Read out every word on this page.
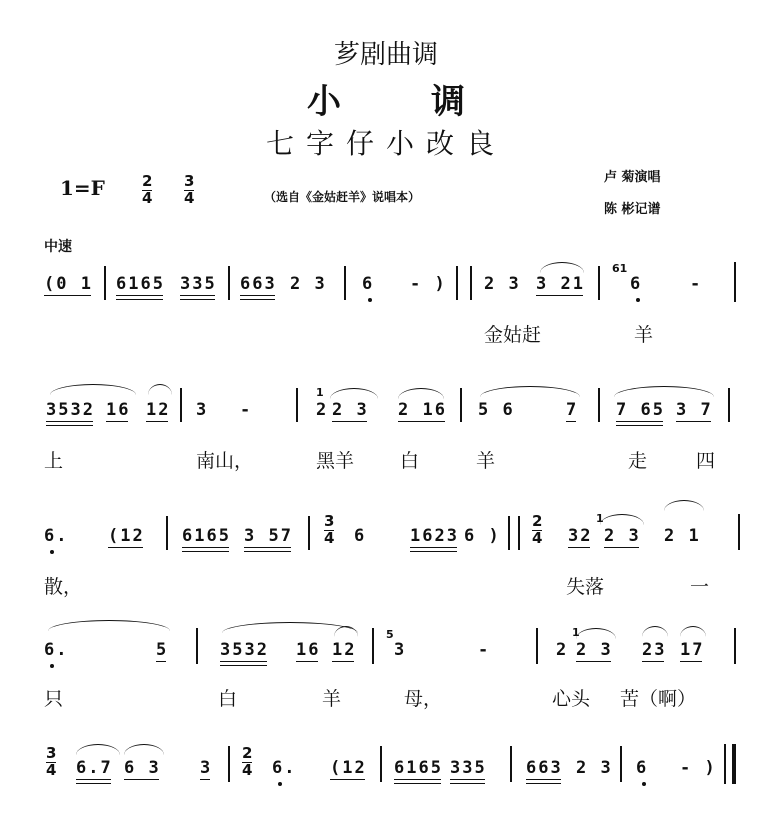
芗剧曲调
小调
七字仔小改良
$1=F \frac{2}{4} \frac{3}{4}$	（选自《金姑赶羊》说唱本）
卢 菊演唱
陈 彬记谱
中速
(0 1 6165 335 663 2 3 6 - ) 2 3 3 21
61
6	-
金姑赶	羊
3532 16 12 3 -
1
2 2 3 2 16 5 6	7 7 65 3 7
上	南山，	黑羊 白	羊	走	四
6. (12 6165 3 $57 \frac{3}{4} 6$	1623 6 ) $\frac{2}{4} 32$
1
2 3 2 1
散，	失落	一
6.	5	3532 16 12
5
3	-
1
2 2 3 23 17
只	白	羊	母，	心头 苦（啊）
$\frac{3}{4} 6.7$ 6 3 $3 \frac{2}{4} 6$. (12 6165 335 663 2 3 6 - )
